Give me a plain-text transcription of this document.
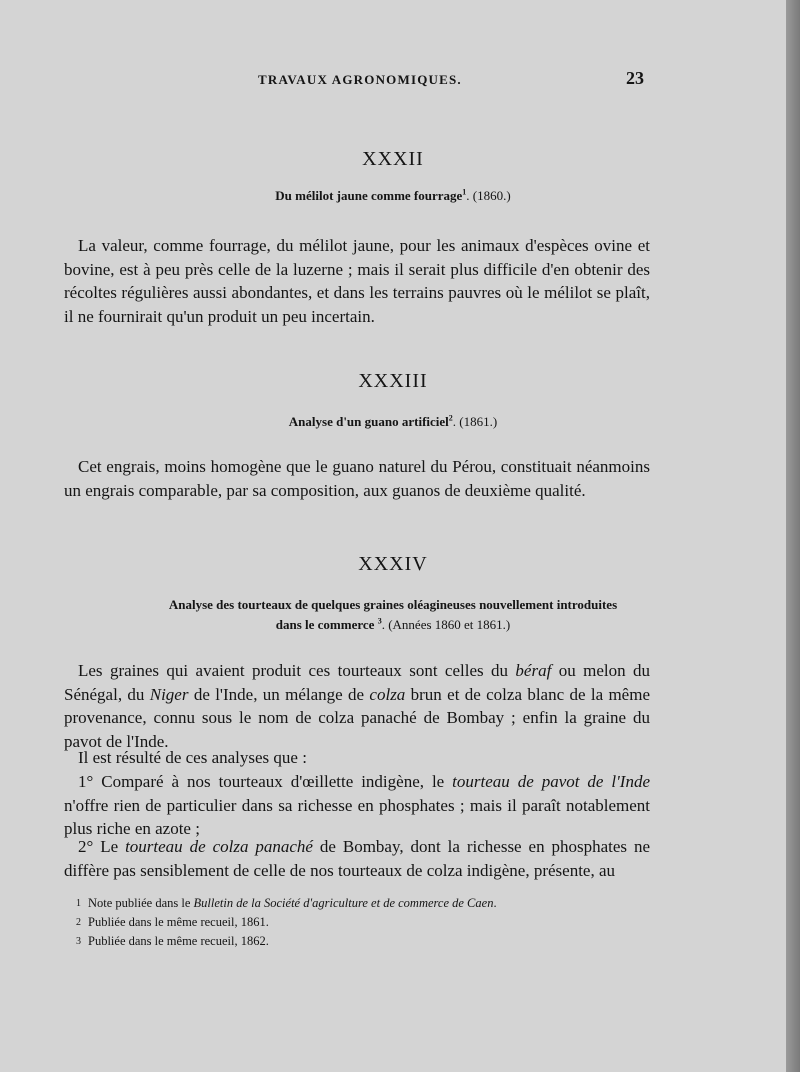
TRAVAUX AGRONOMIQUES.	23
XXXII
Du mélilot jaune comme fourrage$^1$. (1860.)
La valeur, comme fourrage, du mélilot jaune, pour les animaux d'espèces ovine et bovine, est à peu près celle de la luzerne ; mais il serait plus difficile d'en obtenir des récoltes régulières aussi abondantes, et dans les terrains pauvres où le mélilot se plaît, il ne fournirait qu'un produit un peu incertain.
XXXIII
Analyse d'un guano artificiel$^2$. (1861.)
Cet engrais, moins homogène que le guano naturel du Pérou, constituait néanmoins un engrais comparable, par sa composition, aux guanos de deuxième qualité.
XXXIV
Analyse des tourteaux de quelques graines oléagineuses nouvellement introduites
dans le commerce $^3$. (Années 1860 et 1861.)
Les graines qui avaient produit ces tourteaux sont celles du béraf ou melon du Sénégal, du Niger de l'Inde, un mélange de colza brun et de colza blanc de la même provenance, connu sous le nom de colza panaché de Bombay ; enfin la graine du pavot de l'Inde.
Il est résulté de ces analyses que :
1° Comparé à nos tourteaux d'œillette indigène, le tourteau de pavot de l'Inde n'offre rien de particulier dans sa richesse en phosphates ; mais il paraît notablement plus riche en azote ;
2° Le tourteau de colza panaché de Bombay, dont la richesse en phosphates ne diffère pas sensiblement de celle de nos tourteaux de colza indigène, présente, au
1 Note publiée dans le Bulletin de la Société d'agriculture et de commerce de Caen.
2 Publiée dans le même recueil, 1861.
3 Publiée dans le même recueil, 1862.
